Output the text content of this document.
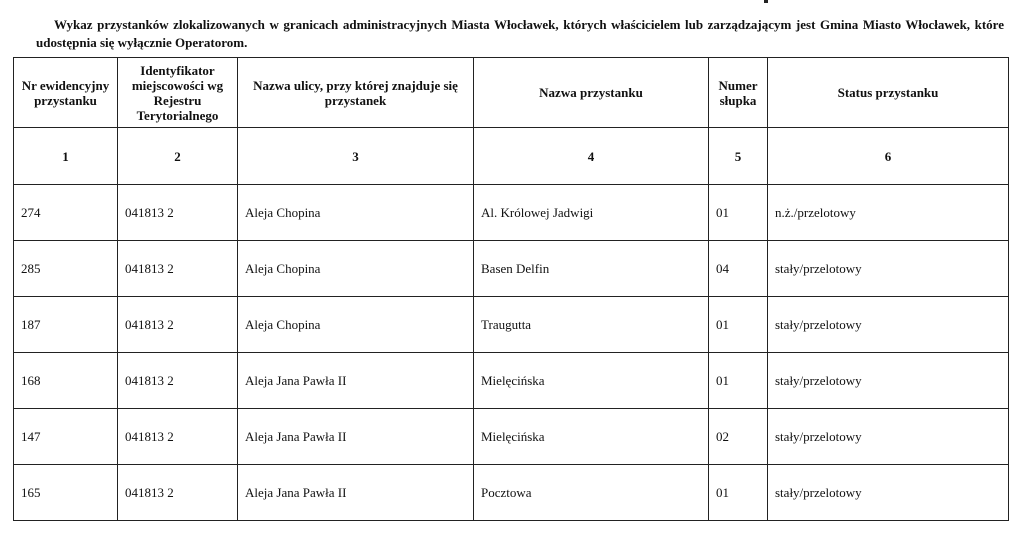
Wykaz przystanków zlokalizowanych w granicach administracyjnych Miasta Włocławek, których właścicielem lub zarządzającym jest Gmina Miasto Włocławek, które udostępnia się wyłącznie Operatorom.
Nr ewidencyjny przystanku	Identyfikator miejscowości wg Rejestru Terytorialnego	Nazwa ulicy, przy której znajduje się przystanek	Nazwa przystanku	Numer słupka	Status przystanku
1	2	3	4	5	6
274	041813 2	Aleja Chopina	Al. Królowej Jadwigi	01	n.ż./przelotowy
285	041813 2	Aleja Chopina	Basen Delfin	04	stały/przelotowy
187	041813 2	Aleja Chopina	Traugutta	01	stały/przelotowy
168	041813 2	Aleja Jana Pawła II	Mielęcińska	01	stały/przelotowy
147	041813 2	Aleja Jana Pawła II	Mielęcińska	02	stały/przelotowy
165	041813 2	Aleja Jana Pawła II	Pocztowa	01	stały/przelotowy
